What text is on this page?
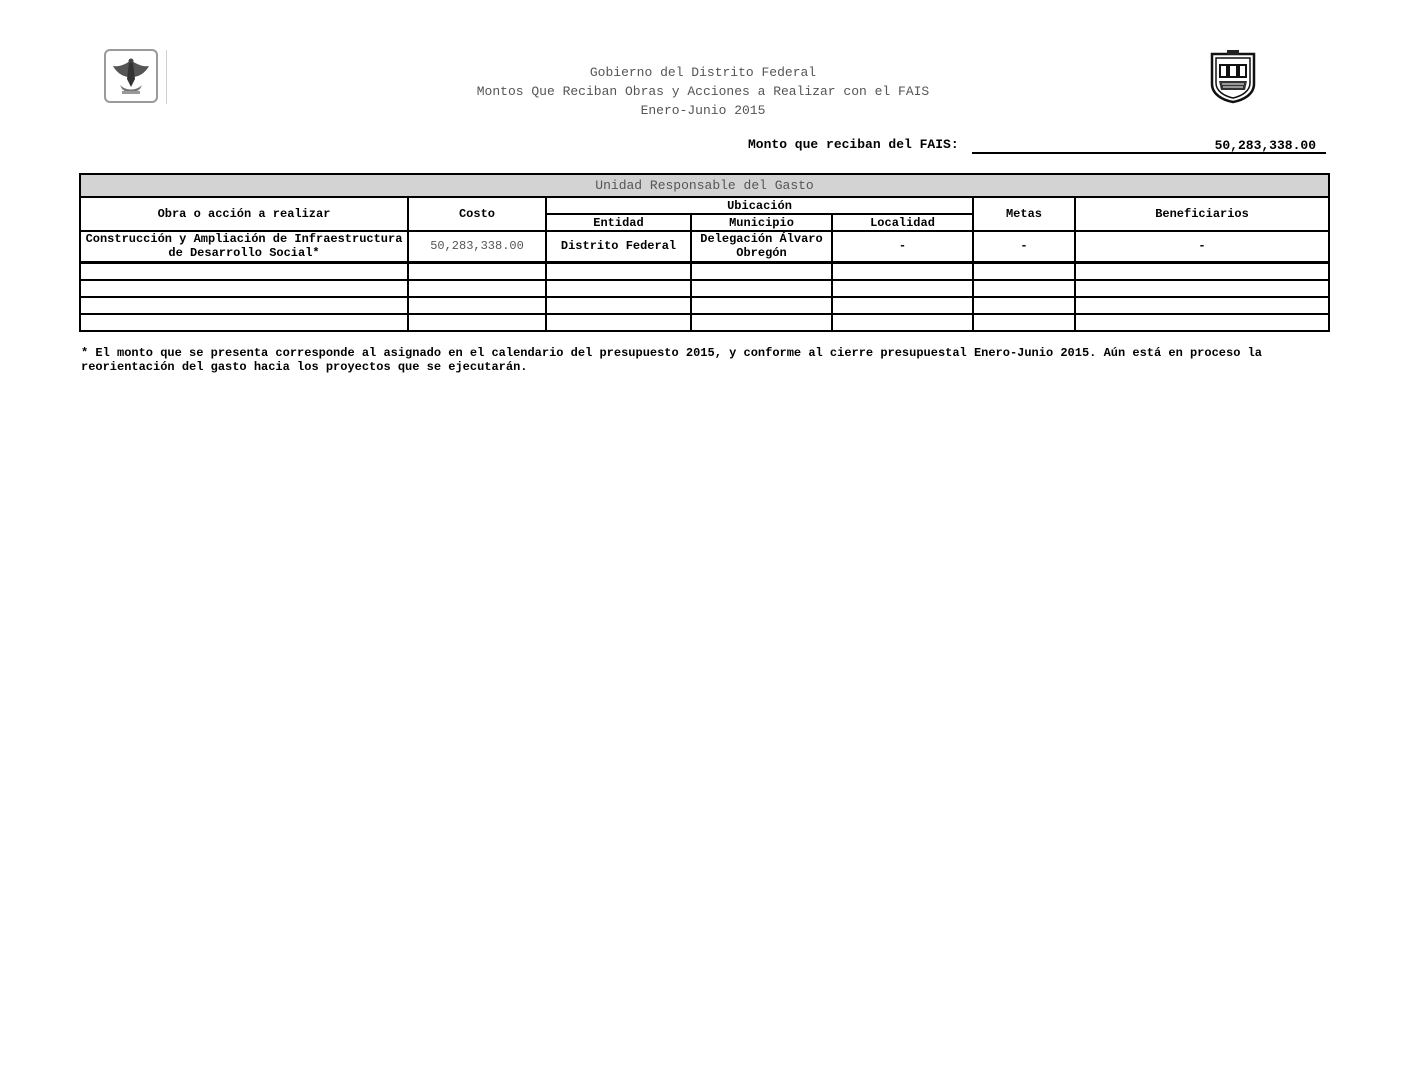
Gobierno del Distrito Federal
Montos Que Reciban Obras y Acciones a Realizar con el FAIS
Enero-Junio 2015
Monto que reciban del FAIS:	50,283,338.00
Unidad Responsable del Gasto						
Obra o acción a realizar	Costo	Ubicación			Metas	Beneficiarios
		Entidad	Municipio	Localidad		
Construcción y Ampliación de Infraestructura de Desarrollo Social*	50,283,338.00	Distrito Federal	Delegación Álvaro Obregón	-	-	-

* El monto que se presenta corresponde al asignado en el calendario del presupuesto 2015, y conforme al cierre presupuestal Enero-Junio 2015. Aún está en proceso la reorientación del gasto hacia los proyectos que se ejecutarán.
